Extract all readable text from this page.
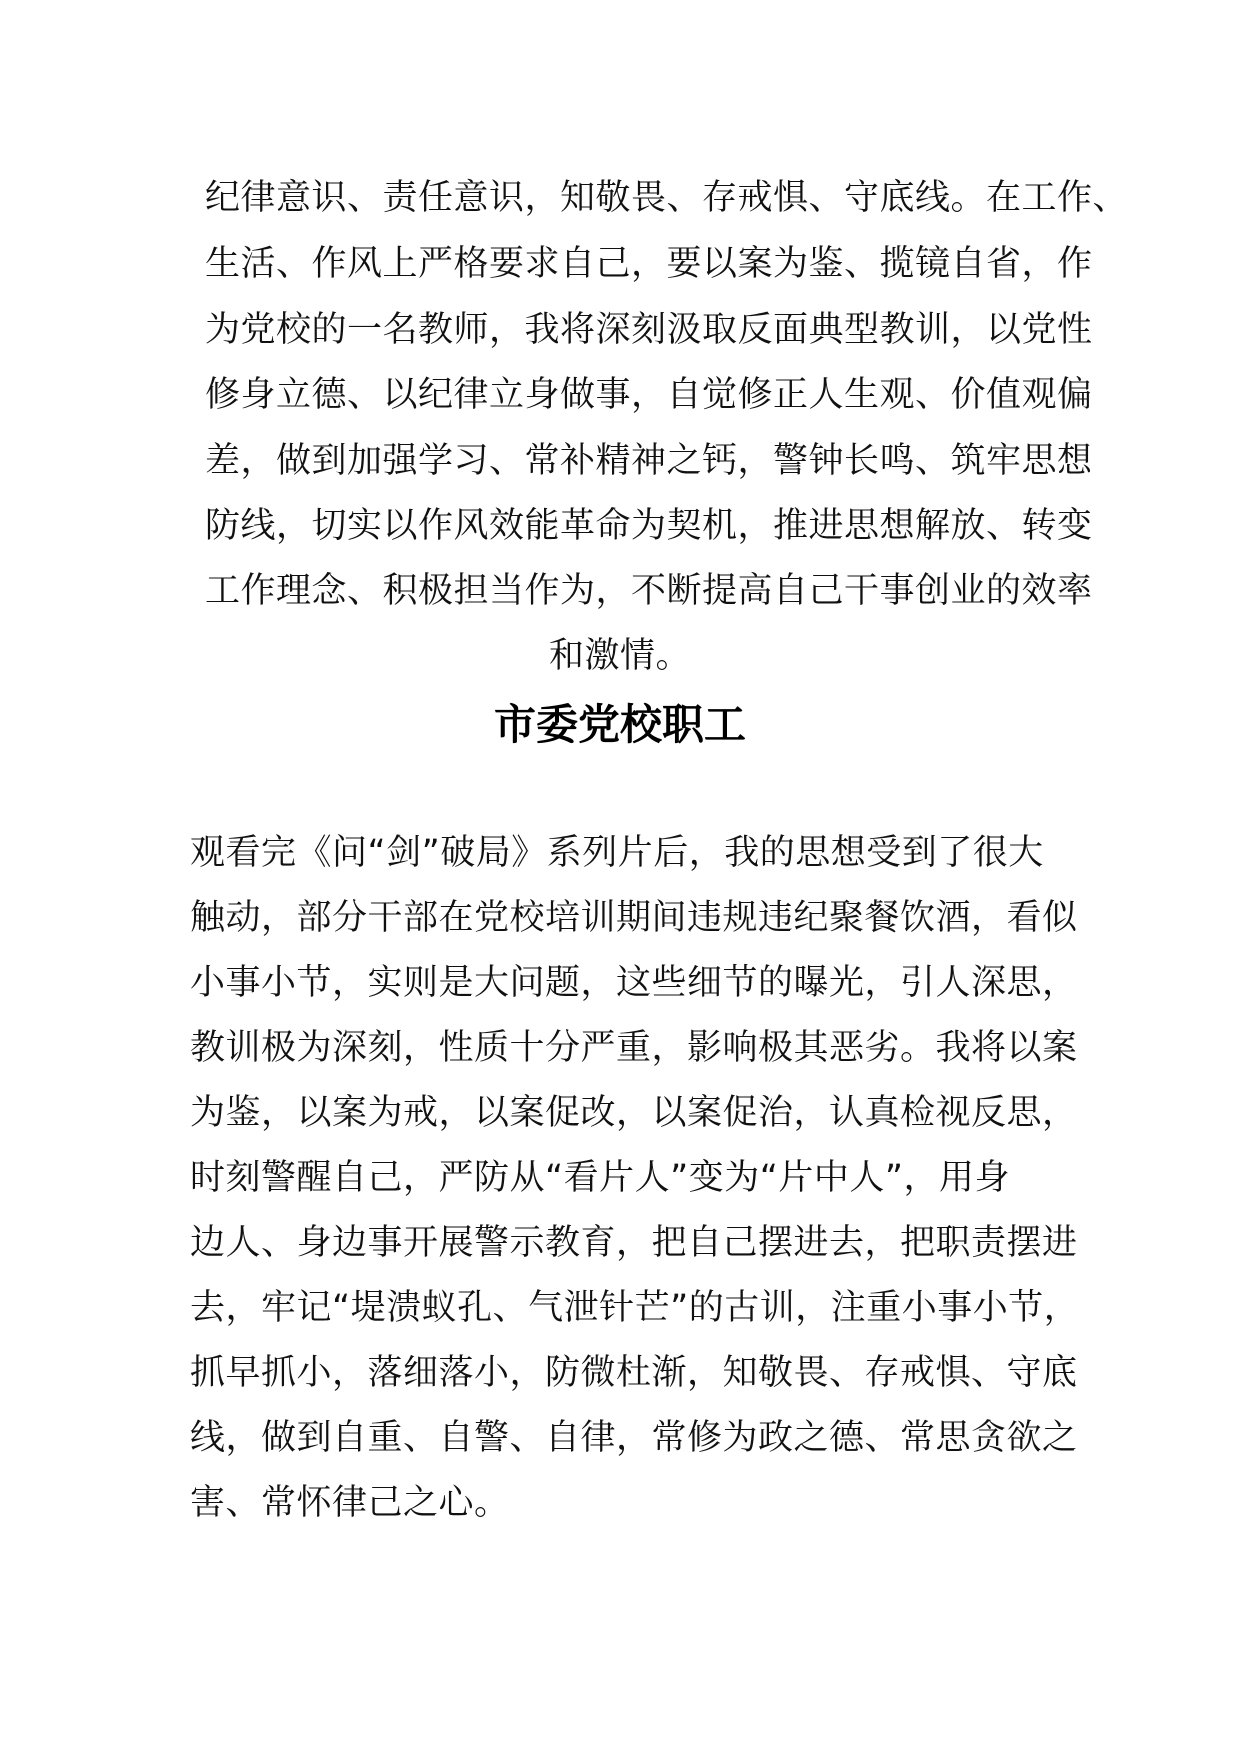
纪律意识、责任意识，知敬畏、存戒惧、守底线。在工作、
生活、作风上严格要求自己，要以案为鉴、揽镜自省，作
为党校的一名教师，我将深刻汲取反面典型教训，以党性
修身立德、以纪律立身做事，自觉修正人生观、价值观偏
差，做到加强学习、常补精神之钙，警钟长鸣、筑牢思想
防线，切实以作风效能革命为契机，推进思想解放、转变
工作理念、积极担当作为，不断提高自己干事创业的效率
和激情。
市委党校职工
观看完《问“剑”破局》系列片后，我的思想受到了很大
触动，部分干部在党校培训期间违规违纪聚餐饮酒，看似
小事小节，实则是大问题，这些细节的曝光，引人深思，
教训极为深刻，性质十分严重，影响极其恶劣。我将以案
为鉴，以案为戒，以案促改，以案促治，认真检视反思，
时刻警醒自己，严防从“看片人”变为“片中人”，用身
边人、身边事开展警示教育，把自己摆进去，把职责摆进
去，牢记“堤溃蚁孔、气泄针芒”的古训，注重小事小节，
抓早抓小，落细落小，防微杜渐，知敬畏、存戒惧、守底
线，做到自重、自警、自律，常修为政之德、常思贪欲之
害、常怀律己之心。
